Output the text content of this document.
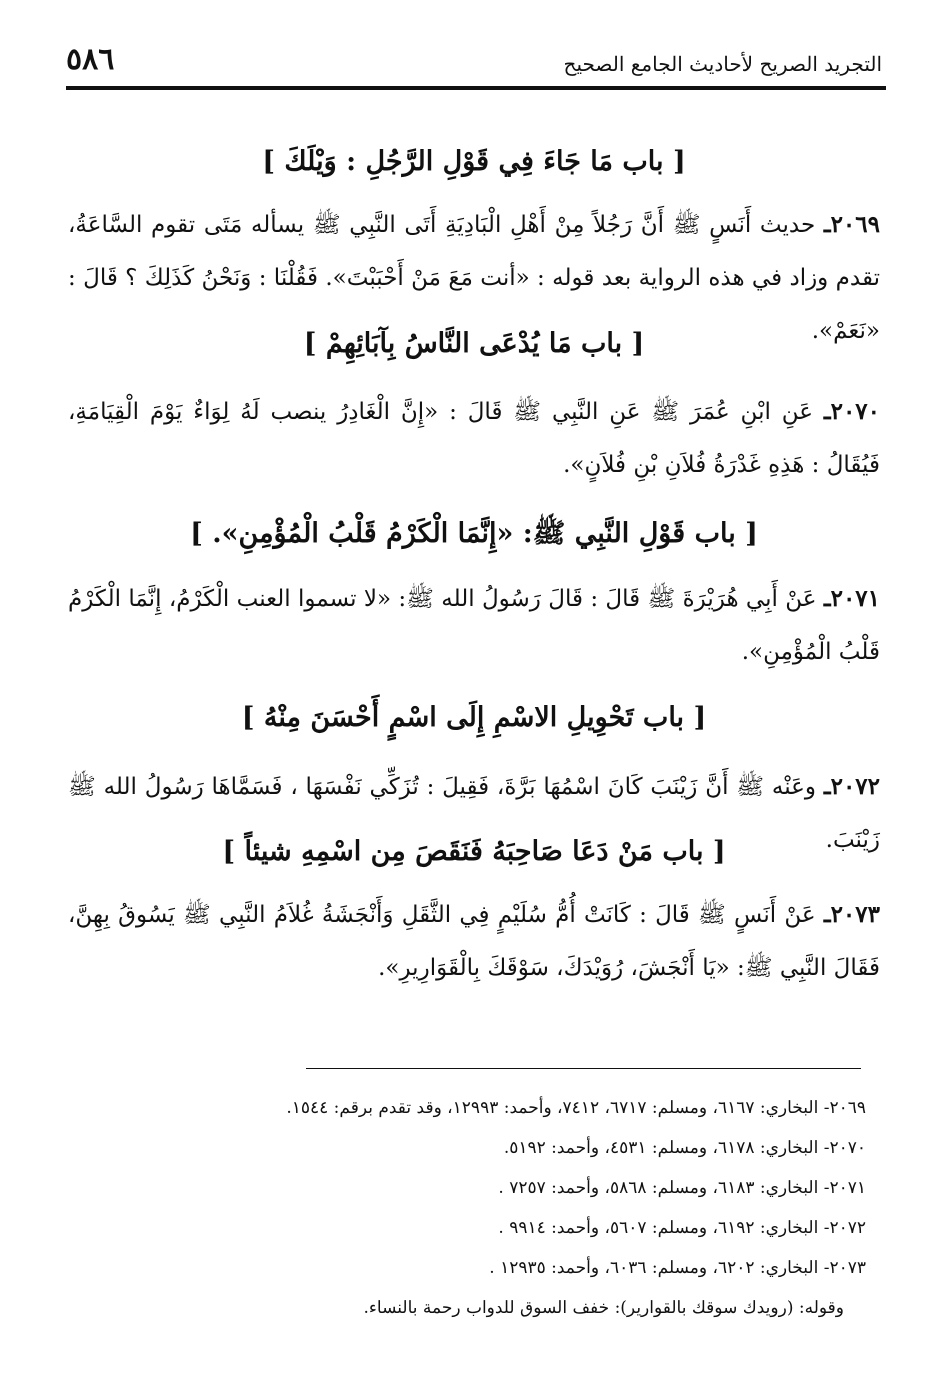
٥٨٦	التجريد الصريح لأحاديث الجامع الصحيح
[ باب مَا جَاءَ فِي قَوْلِ الرَّجُلِ : وَيْلَكَ ]
٢٠٦٩ـ حديث أَنَسٍ ﷺ أَنَّ رَجُلاً مِنْ أَهْلِ الْبَادِيَةِ أَتَى النَّبِي ﷺ يسأله مَتَى تقوم السَّاعَةُ، تقدم وزاد في هذه الرواية بعد قوله : «أنت مَعَ مَنْ أَحْبَبْتَ». فَقُلْنَا : وَنَحْنُ كَذَلِكَ ؟ قَالَ : «نَعَمْ».
[ باب مَا يُدْعَى النَّاسُ بِآبَائِهِمْ ]
٢٠٧٠ـ عَنِ ابْنِ عُمَرَ ﷺ عَنِ النَّبِي ﷺ قَالَ : «إِنَّ الْغَادِرُ ينصب لَهُ لِوَاءٌ يَوْمَ الْقِيَامَةِ، فَيُقَالُ : هَذِهِ غَدْرَةُ فُلاَنِ بْنِ فُلاَنٍ».
[ باب قَوْلِ النَّبِي ﷺ: «إِنَّمَا الْكَرْمُ قَلْبُ الْمُؤْمِنِ». ]
٢٠٧١ـ عَنْ أَبِي هُرَيْرَةَ ﷺ قَالَ : قَالَ رَسُولُ الله ﷺ: «لا تسموا العنب الْكَرْمُ، إِنَّمَا الْكَرْمُ قَلْبُ الْمُؤْمِنِ».
[ باب تَحْوِيلِ الاسْمِ إِلَى اسْمٍ أَحْسَنَ مِنْهُ ]
٢٠٧٢ـ وعَنْه ﷺ أَنَّ زَيْنَبَ كَانَ اسْمُهَا بَرَّةَ، فَقِيلَ : تُزَكِّي نَفْسَهَا ، فَسَمَّاهَا رَسُولُ الله ﷺ زَيْنَبَ.
[ باب مَنْ دَعَا صَاحِبَهُ فَنَقَصَ مِن اسْمِهِ شيئاً ]
٢٠٧٣ـ عَنْ أَنَسٍ ﷺ قَالَ : كَانَتْ أُمُّ سُلَيْمٍ فِي الثَّقَلِ وَأَنْجَشَةُ غُلاَمُ النَّبِي ﷺ يَسُوقُ بِهِنَّ، فَقَالَ النَّبِي ﷺ: «يَا أَنْجَشَ، رُوَيْدَكَ، سَوْقَكَ بِالْقَوَارِيرِ».
٢٠٦٩- البخاري: ٦١٦٧، ومسلم: ٦٧١٧، ٧٤١٢، وأحمد: ١٢٩٩٣، وقد تقدم برقم: ١٥٤٤.
٢٠٧٠- البخاري: ٦١٧٨، ومسلم: ٤٥٣١، وأحمد: ٥١٩٢.
٢٠٧١- البخاري: ٦١٨٣، ومسلم: ٥٨٦٨، وأحمد: ٧٢٥٧ .
٢٠٧٢- البخاري: ٦١٩٢، ومسلم: ٥٦٠٧، وأحمد: ٩٩١٤ .
٢٠٧٣- البخاري: ٦٢٠٢، ومسلم: ٦٠٣٦، وأحمد: ١٢٩٣٥ .
وقوله: (رويدك سوقك بالقوارير): خفف السوق للدواب رحمة بالنساء.
